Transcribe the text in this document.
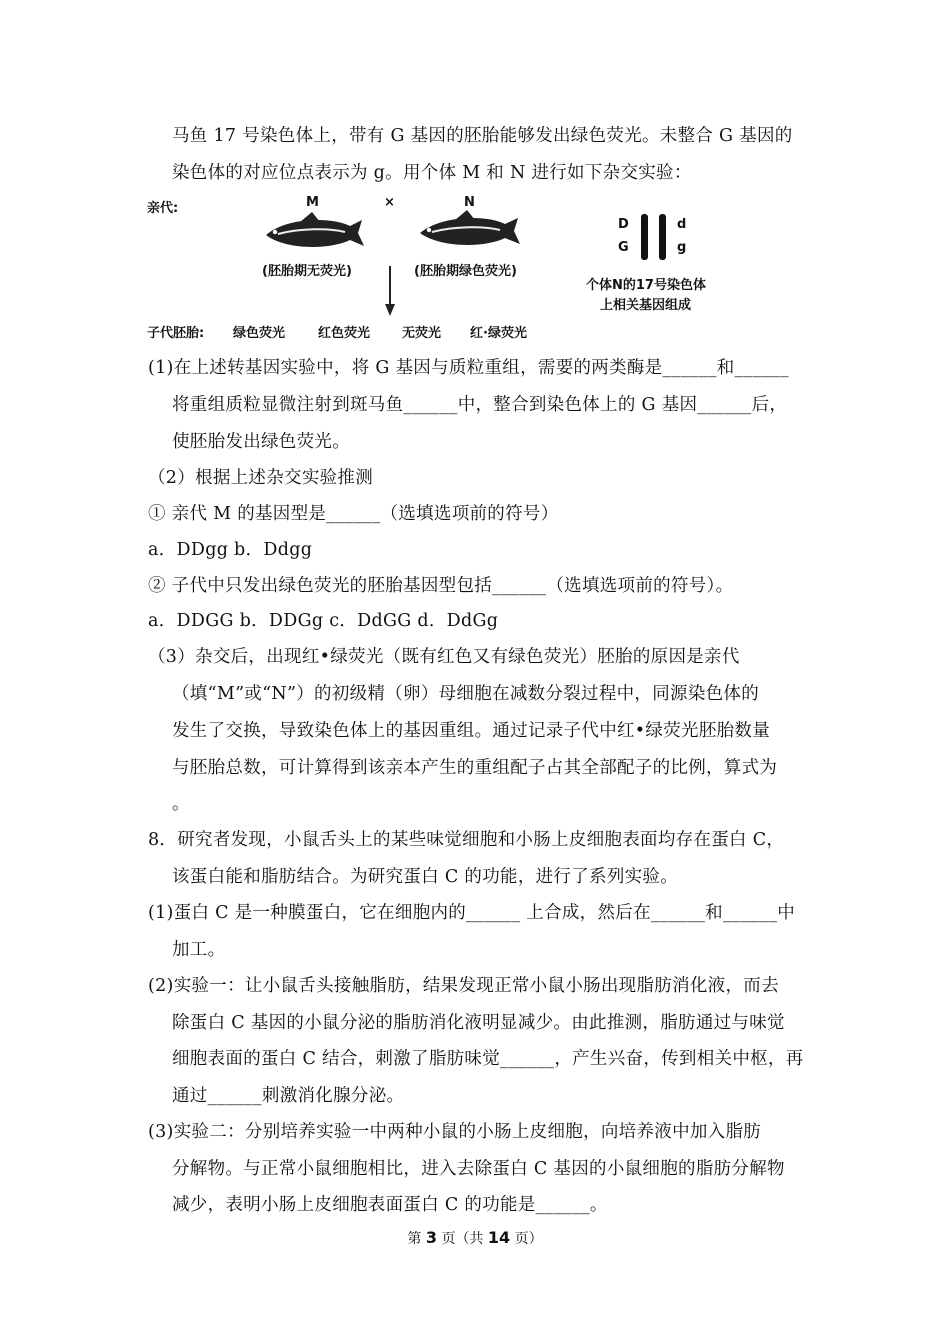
马鱼 17 号染色体上，带有 G 基因的胚胎能够发出绿色荧光。未整合 G 基因的
染色体的对应位点表示为 g。用个体 M 和 N 进行如下杂交实验：
亲代:	M	×	N
(胚胎期无荧光)	(胚胎期绿色荧光)
D
G
d
g
个体N的17号染色体
上相关基因组成
子代胚胎: 绿色荧光	红色荧光 无荧光 红·绿荧光
(1)在上述转基因实验中，将 G 基因与质粒重组，需要的两类酶是______和______
将重组质粒显微注射到斑马鱼______中，整合到染色体上的 G 基因______后，
使胚胎发出绿色荧光。
（2）根据上述杂交实验推测
① 亲代 M 的基因型是______（选填选项前的符号）
a．DDgg b．Ddgg
② 子代中只发出绿色荧光的胚胎基因型包括______（选填选项前的符号）。
a．DDGG b．DDGg c．DdGG d．DdGg
（3）杂交后，出现红•绿荧光（既有红色又有绿色荧光）胚胎的原因是亲代
（填“M”或“N”）的初级精（卵）母细胞在减数分裂过程中，同源染色体的
发生了交换，导致染色体上的基因重组。通过记录子代中红•绿荧光胚胎数量
与胚胎总数，可计算得到该亲本产生的重组配子占其全部配子的比例，算式为
。
8．研究者发现，小鼠舌头上的某些味觉细胞和小肠上皮细胞表面均存在蛋白 C，
该蛋白能和脂肪结合。为研究蛋白 C 的功能，进行了系列实验。
(1)蛋白 C 是一种膜蛋白，它在细胞内的______ 上合成，然后在______和______中
加工。
(2)实验一：让小鼠舌头接触脂肪，结果发现正常小鼠小肠出现脂肪消化液，而去
除蛋白 C 基因的小鼠分泌的脂肪消化液明显减少。由此推测，脂肪通过与味觉
细胞表面的蛋白 C 结合，刺激了脂肪味觉______，产生兴奋，传到相关中枢，再
通过______刺激消化腺分泌。
(3)实验二：分别培养实验一中两种小鼠的小肠上皮细胞，向培养液中加入脂肪
分解物。与正常小鼠细胞相比，进入去除蛋白 C 基因的小鼠细胞的脂肪分解物
减少，表明小肠上皮细胞表面蛋白 C 的功能是______。
第 3 页（共 14 页）
